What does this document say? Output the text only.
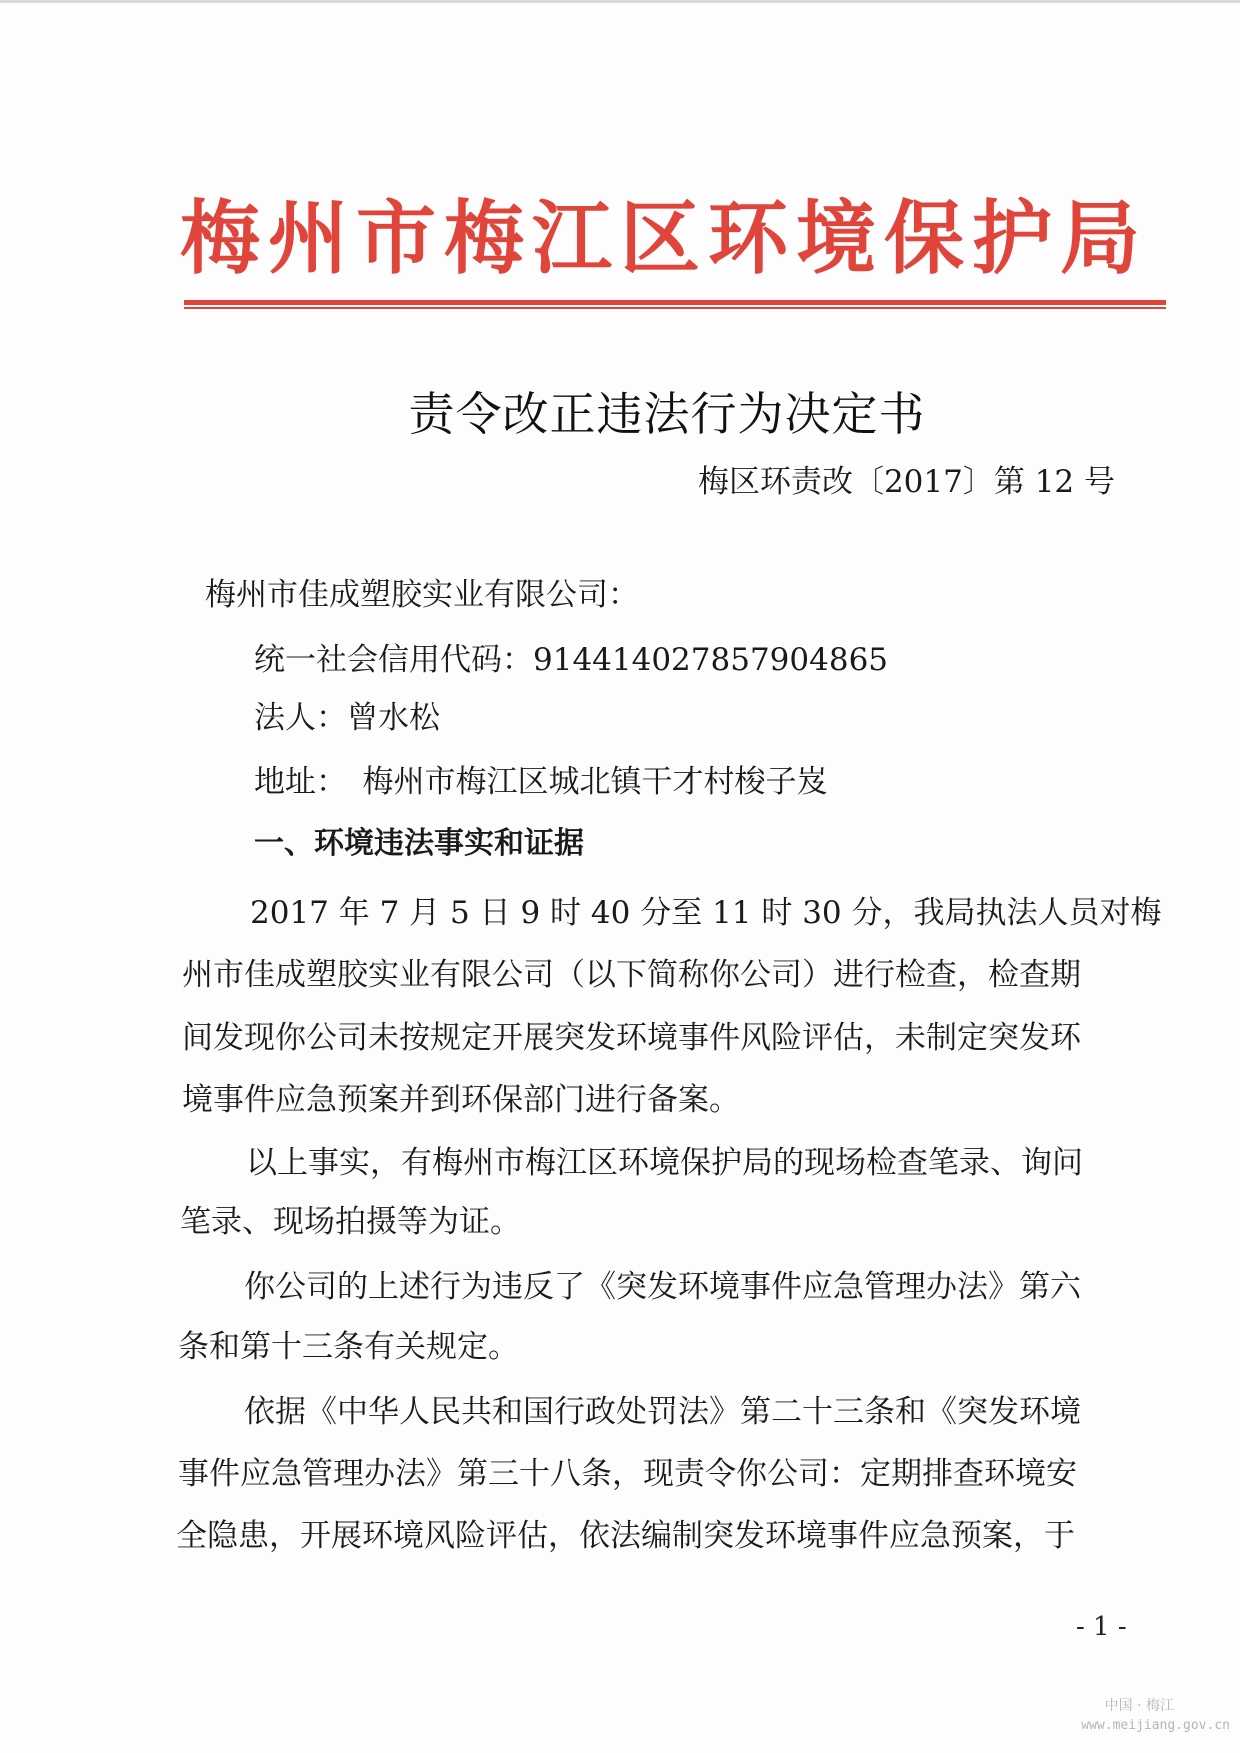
梅州市梅江区环境保护局
责令改正违法行为决定书
梅区环责改〔2017〕第 12 号
梅州市佳成塑胶实业有限公司：
统一社会信用代码：914414027857904865
法人：曾水松
地址：　梅州市梅江区城北镇干才村梭子岌
一、环境违法事实和证据
2017 年 7 月 5 日 9 时 40 分至 11 时 30 分，我局执法人员对梅
州市佳成塑胶实业有限公司（以下简称你公司）进行检查，检查期
间发现你公司未按规定开展突发环境事件风险评估，未制定突发环
境事件应急预案并到环保部门进行备案。
以上事实，有梅州市梅江区环境保护局的现场检查笔录、询问
笔录、现场拍摄等为证。
你公司的上述行为违反了《突发环境事件应急管理办法》第六
条和第十三条有关规定。
依据《中华人民共和国行政处罚法》第二十三条和《突发环境
事件应急管理办法》第三十八条，现责令你公司：定期排查环境安
全隐患，开展环境风险评估，依法编制突发环境事件应急预案，于
- 1 -
中国 · 梅江
www.meijiang.gov.cn
